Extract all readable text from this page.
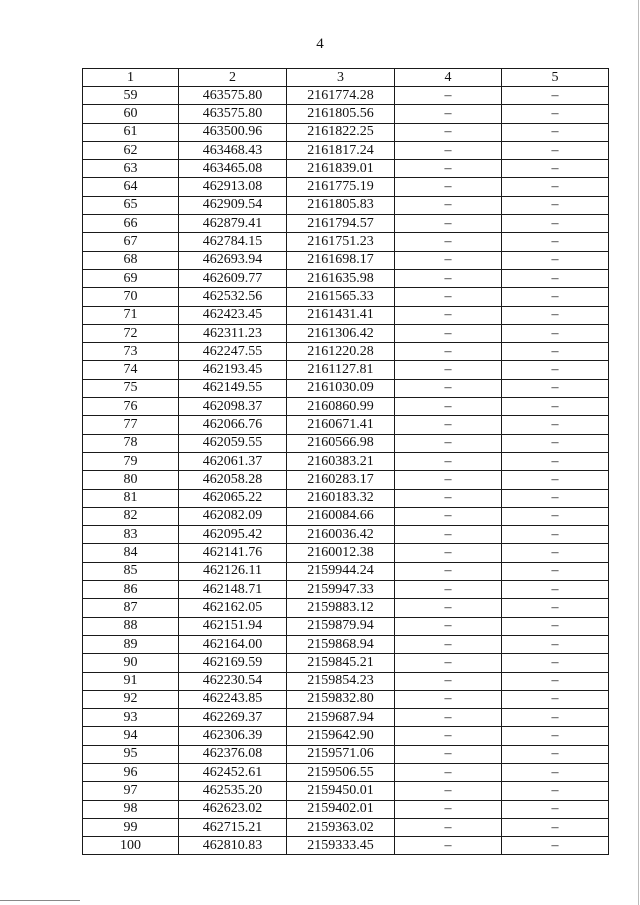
4
1	2	3	4	5
59	463575.80	2161774.28	–	–
60	463575.80	2161805.56	–	–
61	463500.96	2161822.25	–	–
62	463468.43	2161817.24	–	–
63	463465.08	2161839.01	–	–
64	462913.08	2161775.19	–	–
65	462909.54	2161805.83	–	–
66	462879.41	2161794.57	–	–
67	462784.15	2161751.23	–	–
68	462693.94	2161698.17	–	–
69	462609.77	2161635.98	–	–
70	462532.56	2161565.33	–	–
71	462423.45	2161431.41	–	–
72	462311.23	2161306.42	–	–
73	462247.55	2161220.28	–	–
74	462193.45	2161127.81	–	–
75	462149.55	2161030.09	–	–
76	462098.37	2160860.99	–	–
77	462066.76	2160671.41	–	–
78	462059.55	2160566.98	–	–
79	462061.37	2160383.21	–	–
80	462058.28	2160283.17	–	–
81	462065.22	2160183.32	–	–
82	462082.09	2160084.66	–	–
83	462095.42	2160036.42	–	–
84	462141.76	2160012.38	–	–
85	462126.11	2159944.24	–	–
86	462148.71	2159947.33	–	–
87	462162.05	2159883.12	–	–
88	462151.94	2159879.94	–	–
89	462164.00	2159868.94	–	–
90	462169.59	2159845.21	–	–
91	462230.54	2159854.23	–	–
92	462243.85	2159832.80	–	–
93	462269.37	2159687.94	–	–
94	462306.39	2159642.90	–	–
95	462376.08	2159571.06	–	–
96	462452.61	2159506.55	–	–
97	462535.20	2159450.01	–	–
98	462623.02	2159402.01	–	–
99	462715.21	2159363.02	–	–
100	462810.83	2159333.45	–	–
